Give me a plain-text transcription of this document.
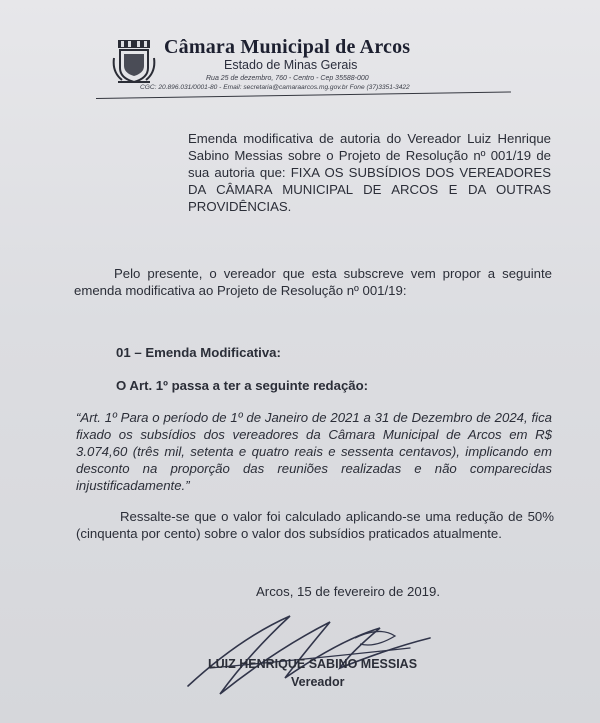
Câmara Municipal de Arcos
Estado de Minas Gerais
Rua 25 de dezembro, 760 - Centro - Cep 35588-000
CGC: 20.896.031/0001-80 - Email: secretaria@camaraarcos.mg.gov.br Fone (37)3351-3422
Emenda modificativa de autoria do Vereador Luiz Henrique Sabino Messias sobre o Projeto de Resolução nº 001/19 de sua autoria que: FIXA OS SUBSÍDIOS DOS VEREADORES DA CÂMARA MUNICIPAL DE ARCOS E DA OUTRAS PROVIDÊNCIAS.
Pelo presente, o vereador que esta subscreve vem propor a seguinte emenda modificativa ao Projeto de Resolução nº 001/19:
01 – Emenda Modificativa:
O Art. 1º passa a ter a seguinte redação:
“Art. 1º Para o período de 1º de Janeiro de 2021 a 31 de Dezembro de 2024, fica fixado os subsídios dos vereadores da Câmara Municipal de Arcos em R$ 3.074,60 (três mil, setenta e quatro reais e sessenta centavos), implicando em desconto na proporção das reuniões realizadas e não comparecidas injustificadamente.”
Ressalte-se que o valor foi calculado aplicando-se uma redução de 50% (cinquenta por cento) sobre o valor dos subsídios praticados atualmente.
Arcos, 15 de fevereiro de 2019.
LUIZ HENRIQUE SABINO MESSIAS
Vereador
